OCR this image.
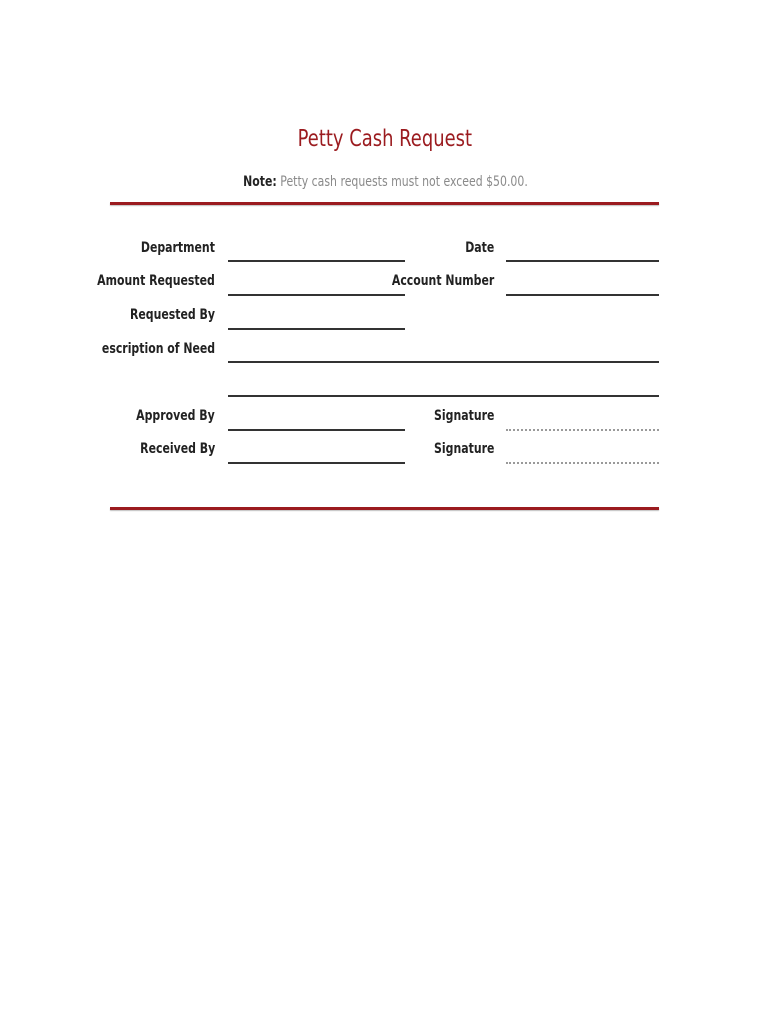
Petty Cash Request
Note: Petty cash requests must not exceed $50.00.
Department	Date
Amount Requested	Account Number
Requested By
escription of Need
Approved By	Signature
Received By	Signature
